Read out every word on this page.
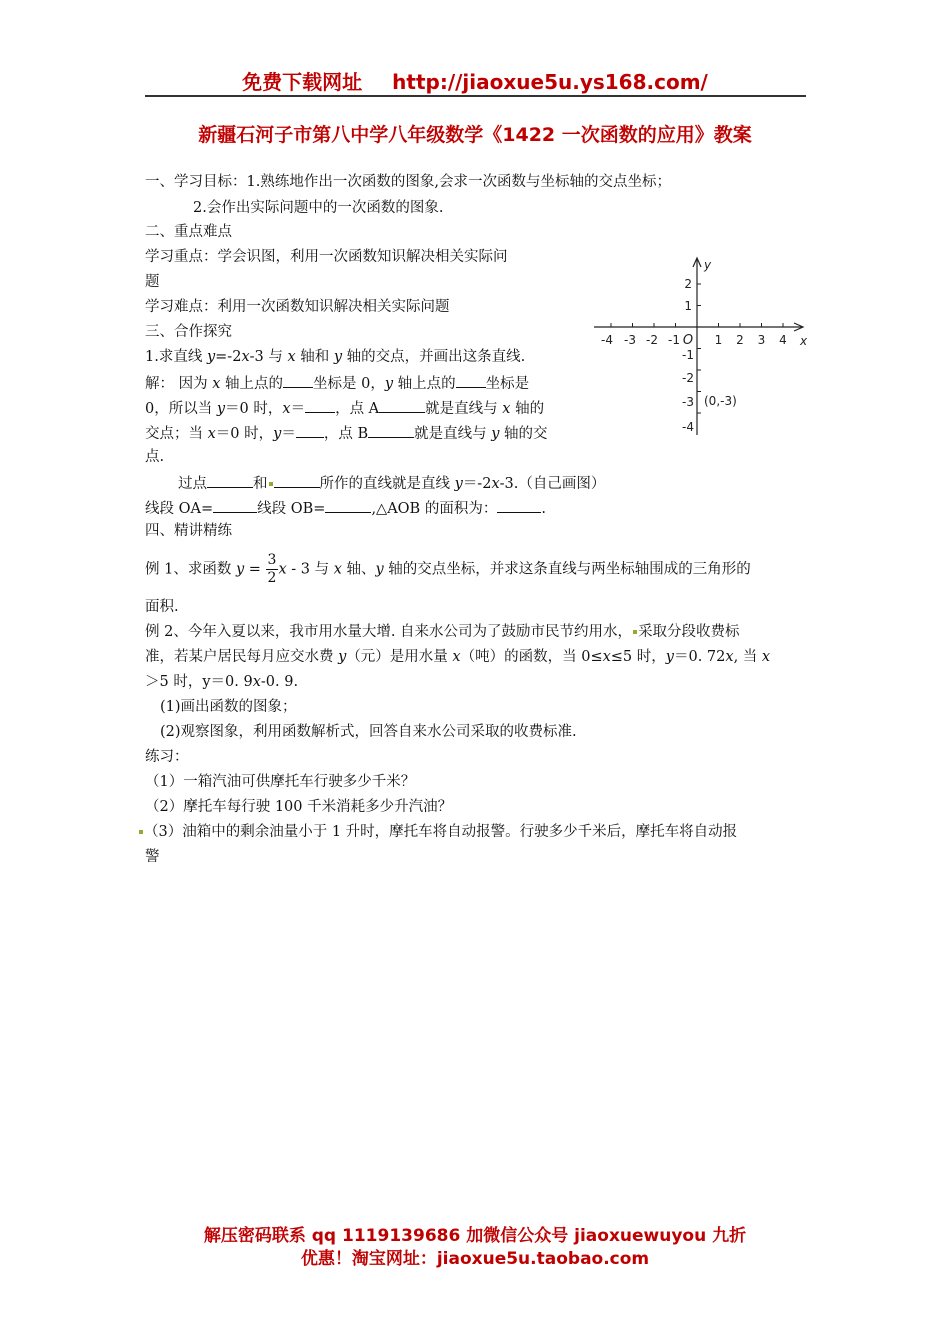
免费下载网址 http://jiaoxue5u.ys168.com/
新疆石河子市第八中学八年级数学《1422 一次函数的应用》教案
一、学习目标：1.熟练地作出一次函数的图象,会求一次函数与坐标轴的交点坐标；
2.会作出实际问题中的一次函数的图象.
二、重点难点
学习重点：学会识图，利用一次函数知识解决相关实际问
题
学习难点：利用一次函数知识解决相关实际问题
三、合作探究
1.求直线 y=-2x-3 与 x 轴和 y 轴的交点，并画出这条直线.
解： 因为 x 轴上点的 坐标是 0，y 轴上点的 坐标是
0，所以当 y＝0 时，x＝ ，点 A	就是直线与 x 轴的
交点；当 x＝0 时，y＝ ，点 B	就是直线与 y 轴的交
点.
过点	和	所作的直线就是直线 y＝-2x-3.（自己画图）
线段 OA=	线段 OB=	,△AOB 的面积为：	.
-4 -3 -2 -1	1 2 3 4
O	x
y
2
1
-1
-2
-3
-4
(0,-3)
四、精讲精练
例 1、求函数 $y = \frac{3}{2}$ x - 3 与 x 轴、y 轴的交点坐标，并求这条直线与两坐标轴围成的三角形的
面积.
例 2、今年入夏以来，我市用水量大增. 自来水公司为了鼓励市民节约用水， 采取分段收费标
准，若某户居民每月应交水费 y（元）是用水量 x（吨）的函数，当 0≤x≤5 时，y＝0. 72x, 当 x
＞5 时，y＝0. 9x-0. 9.
(1)画出函数的图象；
(2)观察图象，利用函数解析式，回答自来水公司采取的收费标准.
练习：
（1）一箱汽油可供摩托车行驶多少千米？
（2）摩托车每行驶 100 千米消耗多少升汽油？
（3）油箱中的剩余油量小于 1 升时，摩托车将自动报警。行驶多少千米后，摩托车将自动报
警
解压密码联系 qq 1119139686 加微信公众号 jiaoxuewuyou 九折
优惠！淘宝网址：jiaoxue5u.taobao.com
